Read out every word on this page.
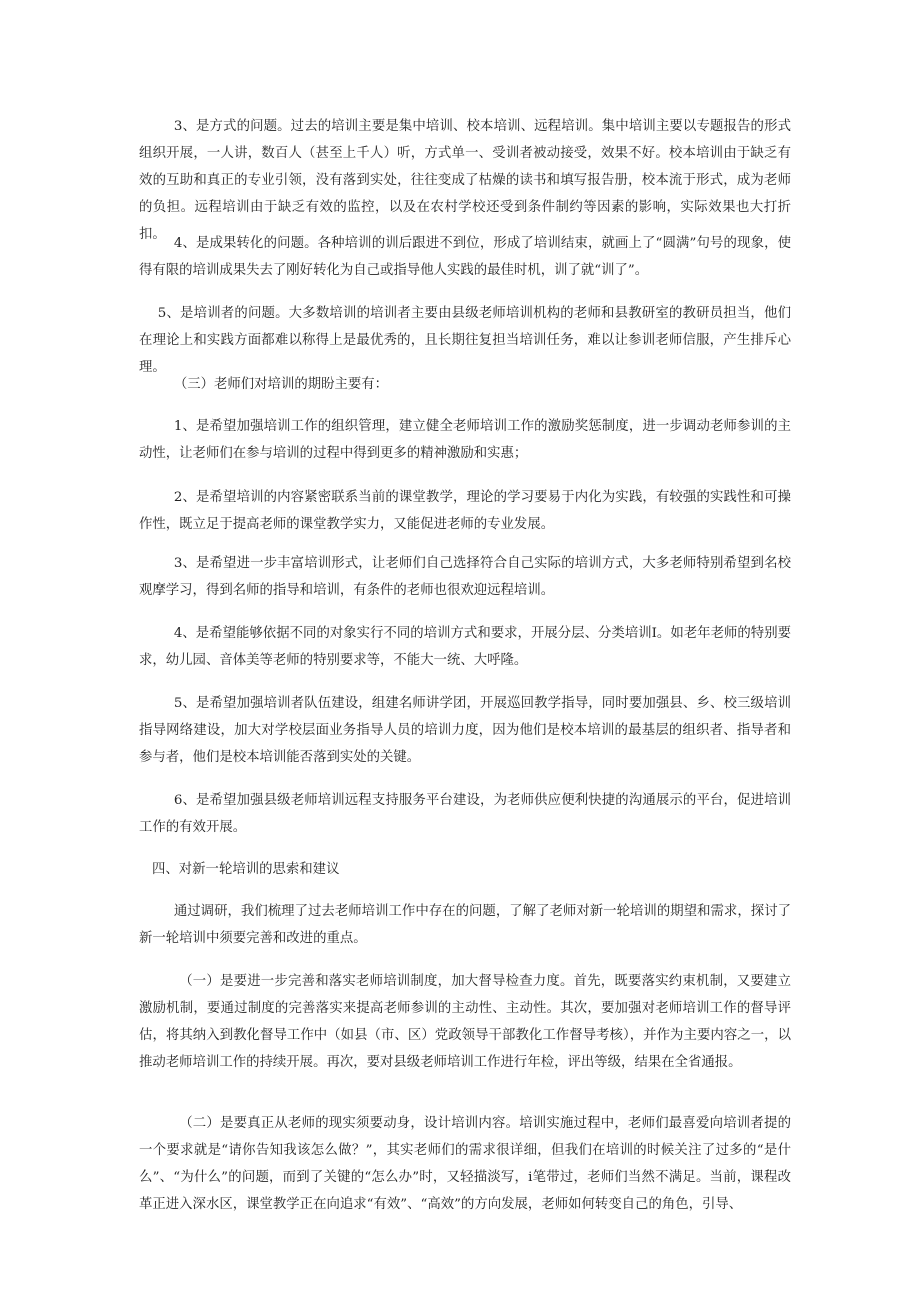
3、是方式的问题。过去的培训主要是集中培训、校本培训、远程培训。集中培训主要以专题报告的形式组织开展，一人讲，数百人（甚至上千人）听，方式单一、受训者被动接受，效果不好。校本培训由于缺乏有效的互助和真正的专业引领，没有落到实处，往往变成了枯燥的读书和填写报告册，校本流于形式，成为老师的负担。远程培训由于缺乏有效的监控，以及在农村学校还受到条件制约等因素的影响，实际效果也大打折扣。

4、是成果转化的问题。各种培训的训后跟进不到位，形成了培训结束，就画上了“圆满”句号的现象，使得有限的培训成果失去了刚好转化为自己或指导他人实践的最佳时机，训了就“训了”。

5、是培训者的问题。大多数培训的培训者主要由县级老师培训机构的老师和县教研室的教研员担当，他们在理论上和实践方面都难以称得上是最优秀的，且长期往复担当培训任务，难以让参训老师信服，产生排斥心理。

（三）老师们对培训的期盼主要有：

1、是希望加强培训工作的组织管理，建立健全老师培训工作的激励奖惩制度，进一步调动老师参训的主动性，让老师们在参与培训的过程中得到更多的精神激励和实惠；

2、是希望培训的内容紧密联系当前的课堂教学，理论的学习要易于内化为实践，有较强的实践性和可操作性，既立足于提高老师的课堂教学实力，又能促进老师的专业发展。

3、是希望进一步丰富培训形式，让老师们自己选择符合自己实际的培训方式，大多老师特别希望到名校观摩学习，得到名师的指导和培训，有条件的老师也很欢迎远程培训。

4、是希望能够依据不同的对象实行不同的培训方式和要求，开展分层、分类培训I。如老年老师的特别要求，幼儿园、音体美等老师的特别要求等，不能大一统、大呼隆。

5、是希望加强培训者队伍建设，组建名师讲学团，开展巡回教学指导，同时要加强县、乡、校三级培训指导网络建设，加大对学校层面业务指导人员的培训力度，因为他们是校本培训的最基层的组织者、指导者和参与者，他们是校本培训能否落到实处的关键。

6、是希望加强县级老师培训远程支持服务平台建设，为老师供应便利快捷的沟通展示的平台，促进培训工作的有效开展。

四、对新一轮培训的思索和建议

通过调研，我们梳理了过去老师培训工作中存在的问题，了解了老师对新一轮培训的期望和需求，探讨了新一轮培训中须要完善和改进的重点。

（一）是要进一步完善和落实老师培训制度，加大督导检查力度。首先，既要落实约束机制，又要建立激励机制，要通过制度的完善落实来提高老师参训的主动性、主动性。其次，要加强对老师培训工作的督导评估，将其纳入到教化督导工作中（如县（市、区）党政领导干部教化工作督导考核），并作为主要内容之一，以推动老师培训工作的持续开展。再次，要对县级老师培训工作进行年检，评出等级，结果在全省通报。

（二）是要真正从老师的现实须要动身，设计培训内容。培训实施过程中，老师们最喜爱向培训者提的一个要求就是“请你告知我该怎么做？”，其实老师们的需求很详细，但我们在培训的时候关注了过多的“是什么”、“为什么”的问题，而到了关键的“怎么办”时，又轻描淡写，i笔带过，老师们当然不满足。当前，课程改革正进入深水区，课堂教学正在向追求“有效”、“高效”的方向发展，老师如何转变自己的角色，引导、
